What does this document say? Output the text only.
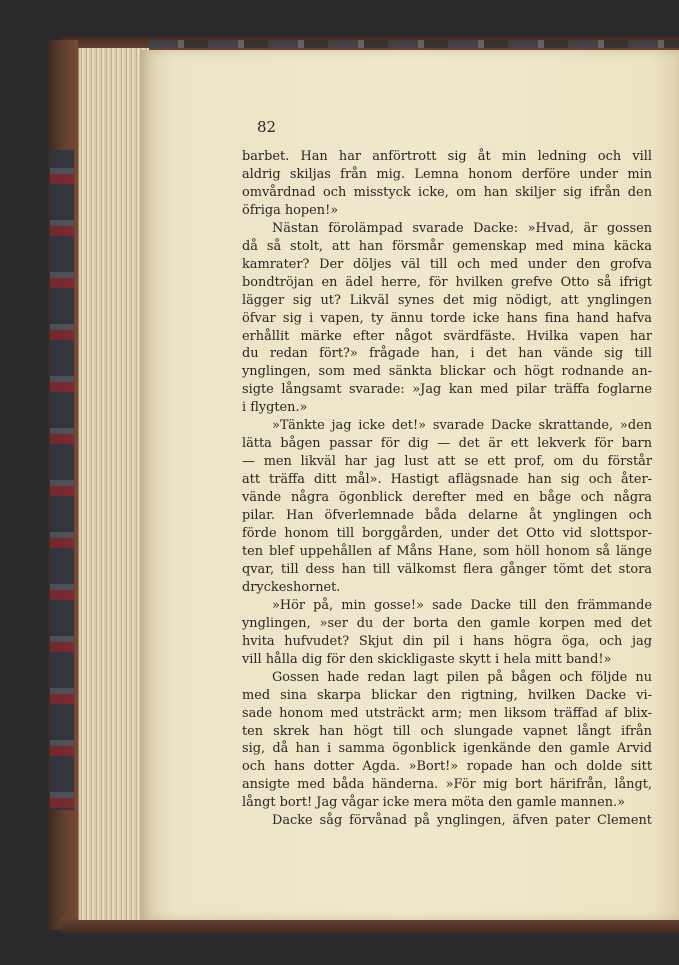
82
barbet. Han har anförtrott sig åt min ledning och vill
aldrig skiljas från mig. Lemna honom derföre under min
omvårdnad och misstyck icke, om han skiljer sig ifrån den
öfriga hopen!»
Nästan förolämpad svarade Dacke: »Hvad, är gossen
då så stolt, att han försmår gemenskap med mina käcka
kamrater? Der döljes väl till och med under den grofva
bondtröjan en ädel herre, för hvilken grefve Otto så ifrigt
lägger sig ut? Likväl synes det mig nödigt, att ynglingen
öfvar sig i vapen, ty ännu torde icke hans fina hand hafva
erhållit märke efter något svärdfäste. Hvilka vapen har
du redan fört?» frågade han, i det han vände sig till
ynglingen, som med sänkta blickar och högt rodnande an-
sigte långsamt svarade: »Jag kan med pilar träffa foglarne
i flygten.»
»Tänkte jag icke det!» svarade Dacke skrattande, »den
lätta bågen passar för dig — det är ett lekverk för barn
— men likväl har jag lust att se ett prof, om du förstår
att träffa ditt mål». Hastigt aflägsnade han sig och åter-
vände några ögonblick derefter med en båge och några
pilar. Han öfverlemnade båda delarne åt ynglingen och
förde honom till borggården, under det Otto vid slottspor-
ten blef uppehållen af Måns Hane, som höll honom så länge
qvar, till dess han till välkomst flera gånger tömt det stora
dryckeshornet.
»Hör på, min gosse!» sade Dacke till den främmande
ynglingen, »ser du der borta den gamle korpen med det
hvita hufvudet? Skjut din pil i hans högra öga, och jag
vill hålla dig för den skickligaste skytt i hela mitt band!»
Gossen hade redan lagt pilen på bågen och följde nu
med sina skarpa blickar den rigtning, hvilken Dacke vi-
sade honom med utsträckt arm; men liksom träffad af blix-
ten skrek han högt till och slungade vapnet långt ifrån
sig, då han i samma ögonblick igenkände den gamle Arvid
och hans dotter Agda. »Bort!» ropade han och dolde sitt
ansigte med båda händerna. »För mig bort härifrån, långt,
långt bort! Jag vågar icke mera möta den gamle mannen.»
Dacke såg förvånad på ynglingen, äfven pater Clement
